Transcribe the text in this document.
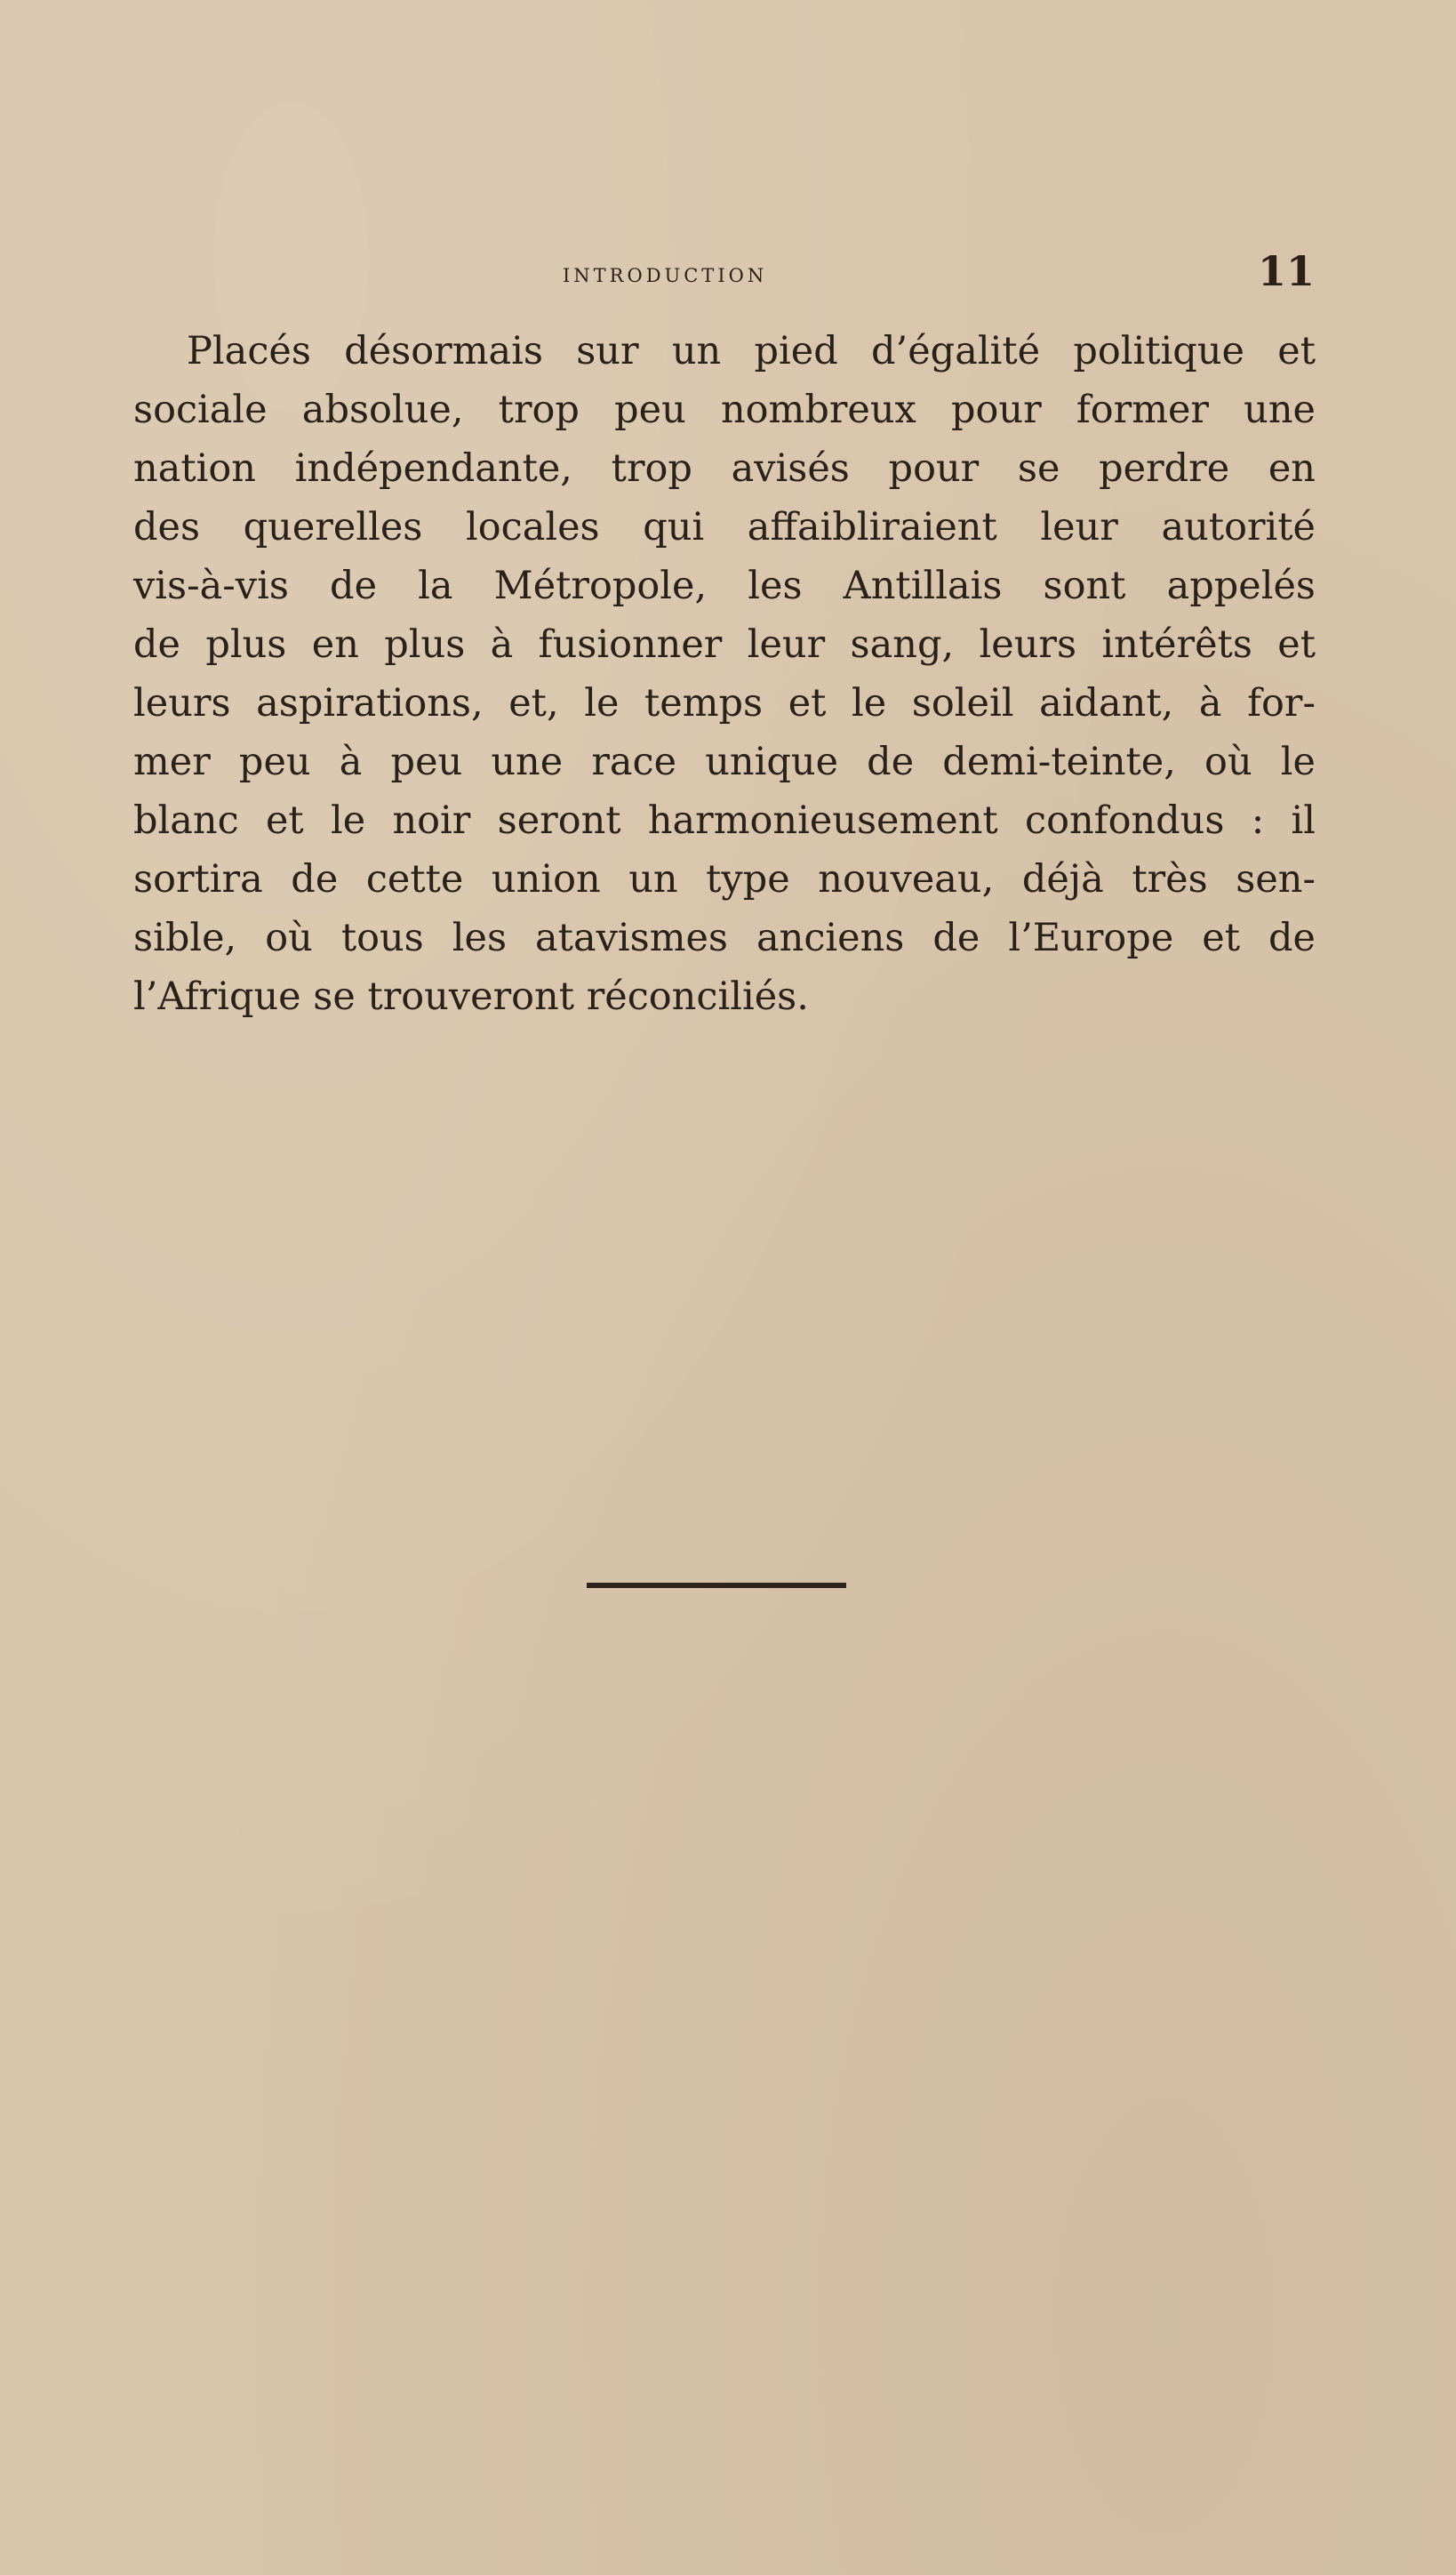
introduction	11
Placés désormais sur un pied d’égalité politique et
sociale absolue, trop peu nombreux pour former une
nation indépendante, trop avisés pour se perdre en
des querelles locales qui affaibliraient leur autorité
vis-à-vis de la Métropole, les Antillais sont appelés
de plus en plus à fusionner leur sang, leurs intérêts et
leurs aspirations, et, le temps et le soleil aidant, à for-
mer peu à peu une race unique de demi-teinte, où le
blanc et le noir seront harmonieusement confondus : il
sortira de cette union un type nouveau, déjà très sen-
sible, où tous les atavismes anciens de l’Europe et de
l’Afrique se trouveront réconciliés.
